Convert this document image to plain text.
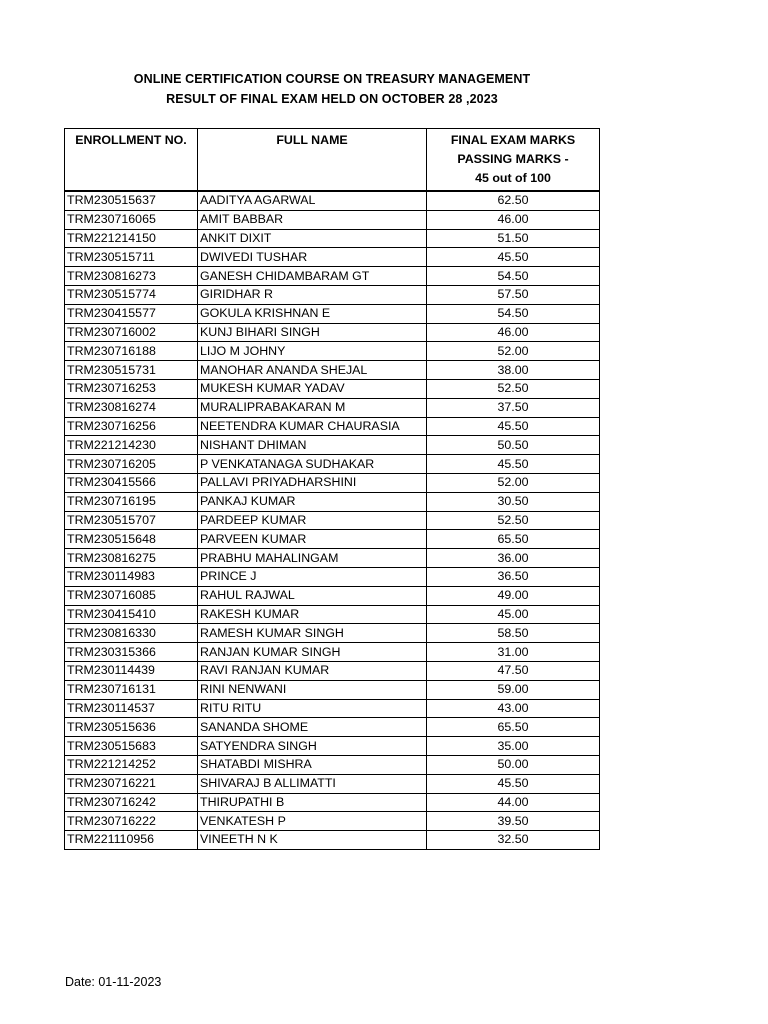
ONLINE CERTIFICATION COURSE ON TREASURY MANAGEMENT
RESULT OF FINAL EXAM HELD ON OCTOBER 28 ,2023
ENROLLMENT NO.	FULL NAME	FINAL EXAM MARKS
PASSING MARKS -
45 out of 100

TRM230515637	AADITYA AGARWAL	62.50
TRM230716065	AMIT BABBAR	46.00
TRM221214150	ANKIT DIXIT	51.50
TRM230515711	DWIVEDI TUSHAR	45.50
TRM230816273	GANESH CHIDAMBARAM GT	54.50
TRM230515774	GIRIDHAR R	57.50
TRM230415577	GOKULA KRISHNAN E	54.50
TRM230716002	KUNJ BIHARI SINGH	46.00
TRM230716188	LIJO M JOHNY	52.00
TRM230515731	MANOHAR ANANDA SHEJAL	38.00
TRM230716253	MUKESH KUMAR YADAV	52.50
TRM230816274	MURALIPRABAKARAN M	37.50
TRM230716256	NEETENDRA KUMAR CHAURASIA	45.50
TRM221214230	NISHANT DHIMAN	50.50
TRM230716205	P VENKATANAGA SUDHAKAR	45.50
TRM230415566	PALLAVI PRIYADHARSHINI	52.00
TRM230716195	PANKAJ KUMAR	30.50
TRM230515707	PARDEEP KUMAR	52.50
TRM230515648	PARVEEN KUMAR	65.50
TRM230816275	PRABHU MAHALINGAM	36.00
TRM230114983	PRINCE J	36.50
TRM230716085	RAHUL RAJWAL	49.00
TRM230415410	RAKESH KUMAR	45.00
TRM230816330	RAMESH KUMAR SINGH	58.50
TRM230315366	RANJAN KUMAR SINGH	31.00
TRM230114439	RAVI RANJAN KUMAR	47.50
TRM230716131	RINI NENWANI	59.00
TRM230114537	RITU RITU	43.00
TRM230515636	SANANDA SHOME	65.50
TRM230515683	SATYENDRA SINGH	35.00
TRM221214252	SHATABDI MISHRA	50.00
TRM230716221	SHIVARAJ B ALLIMATTI	45.50
TRM230716242	THIRUPATHI B	44.00
TRM230716222	VENKATESH P	39.50
TRM221110956	VINEETH N K	32.50
Date: 01-11-2023
